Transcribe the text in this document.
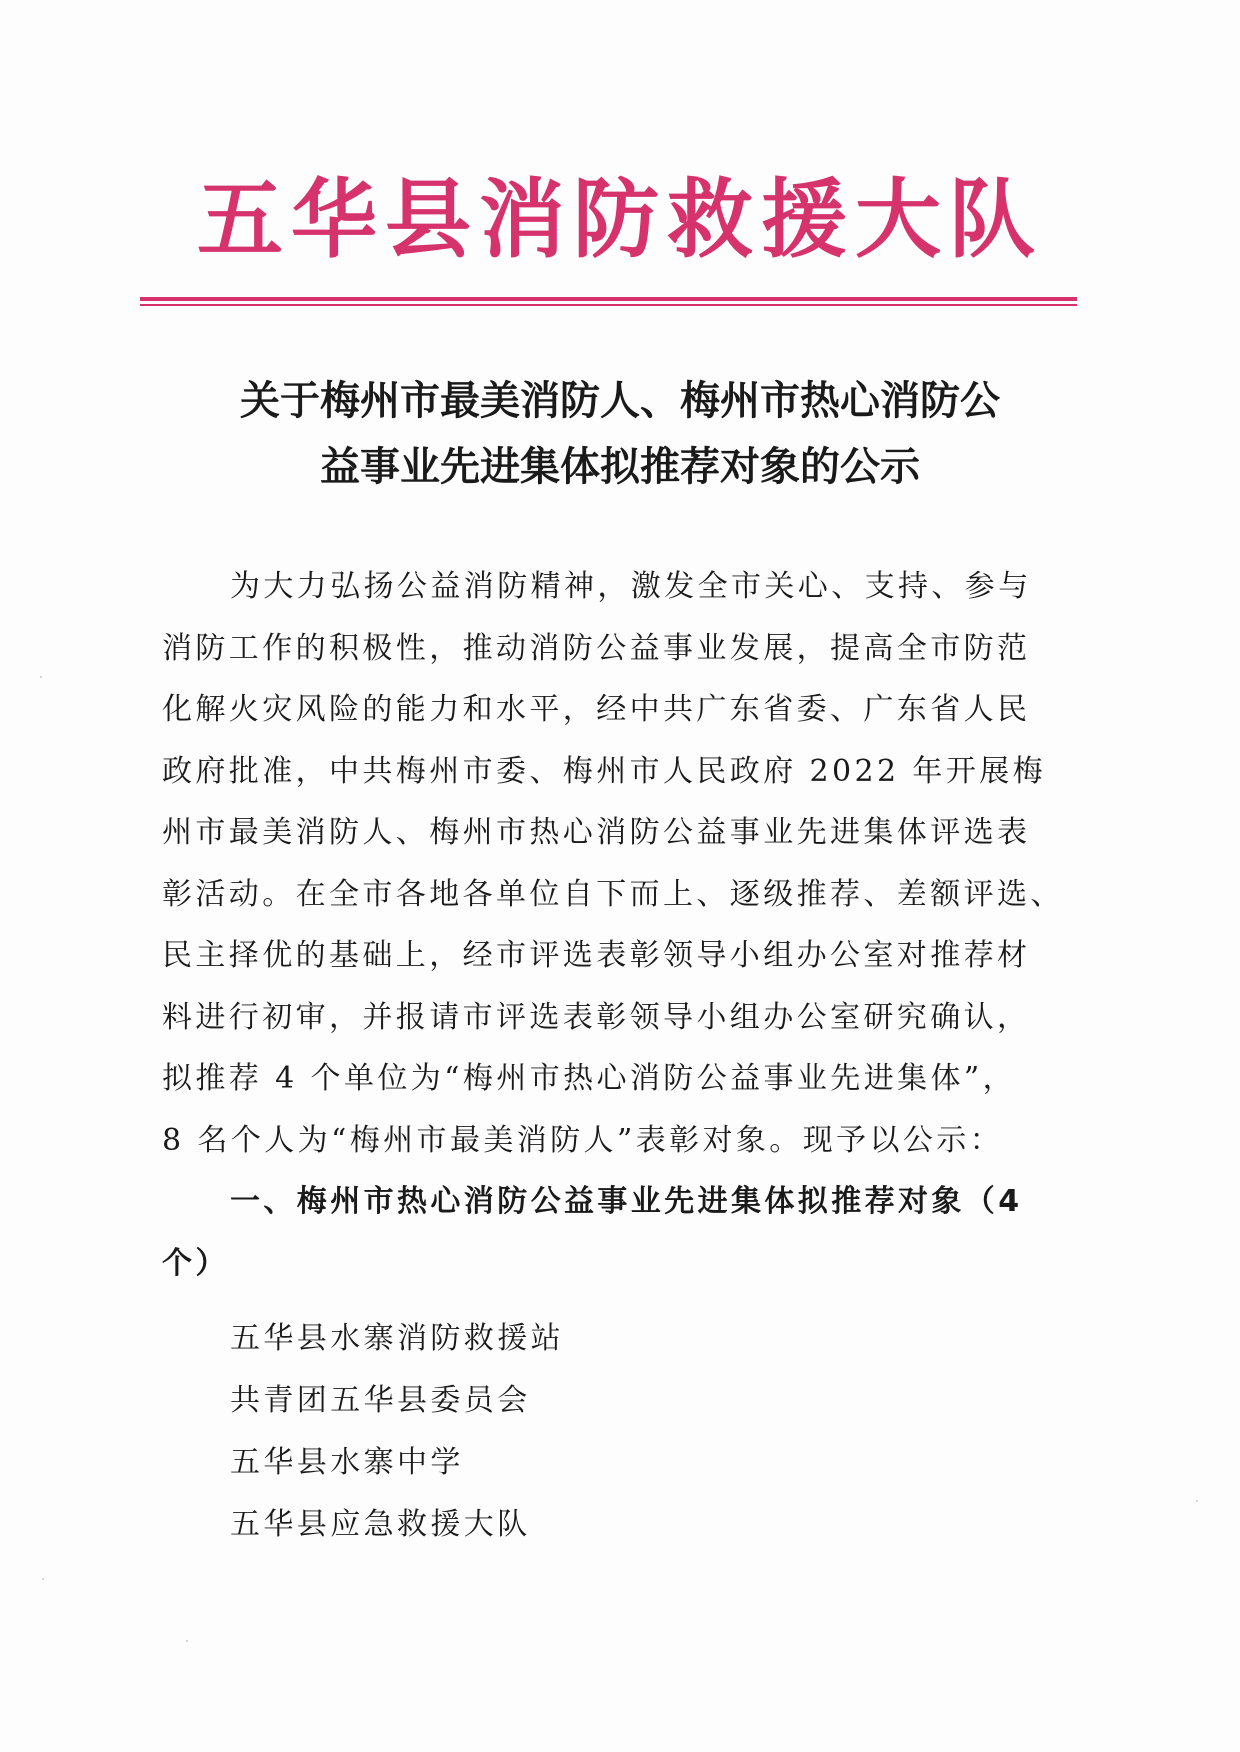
五华县消防救援大队
关于梅州市最美消防人、梅州市热心消防公
益事业先进集体拟推荐对象的公示
为大力弘扬公益消防精神，激发全市关心、支持、参与
消防工作的积极性，推动消防公益事业发展，提高全市防范
化解火灾风险的能力和水平，经中共广东省委、广东省人民
政府批准，中共梅州市委、梅州市人民政府 2022 年开展梅
州市最美消防人、梅州市热心消防公益事业先进集体评选表
彰活动。在全市各地各单位自下而上、逐级推荐、差额评选、
民主择优的基础上，经市评选表彰领导小组办公室对推荐材
料进行初审，并报请市评选表彰领导小组办公室研究确认，
拟推荐 4 个单位为“梅州市热心消防公益事业先进集体”，
8 名个人为“梅州市最美消防人”表彰对象。现予以公示：
一、梅州市热心消防公益事业先进集体拟推荐对象（4
个）
五华县水寨消防救援站
共青团五华县委员会
五华县水寨中学
五华县应急救援大队
